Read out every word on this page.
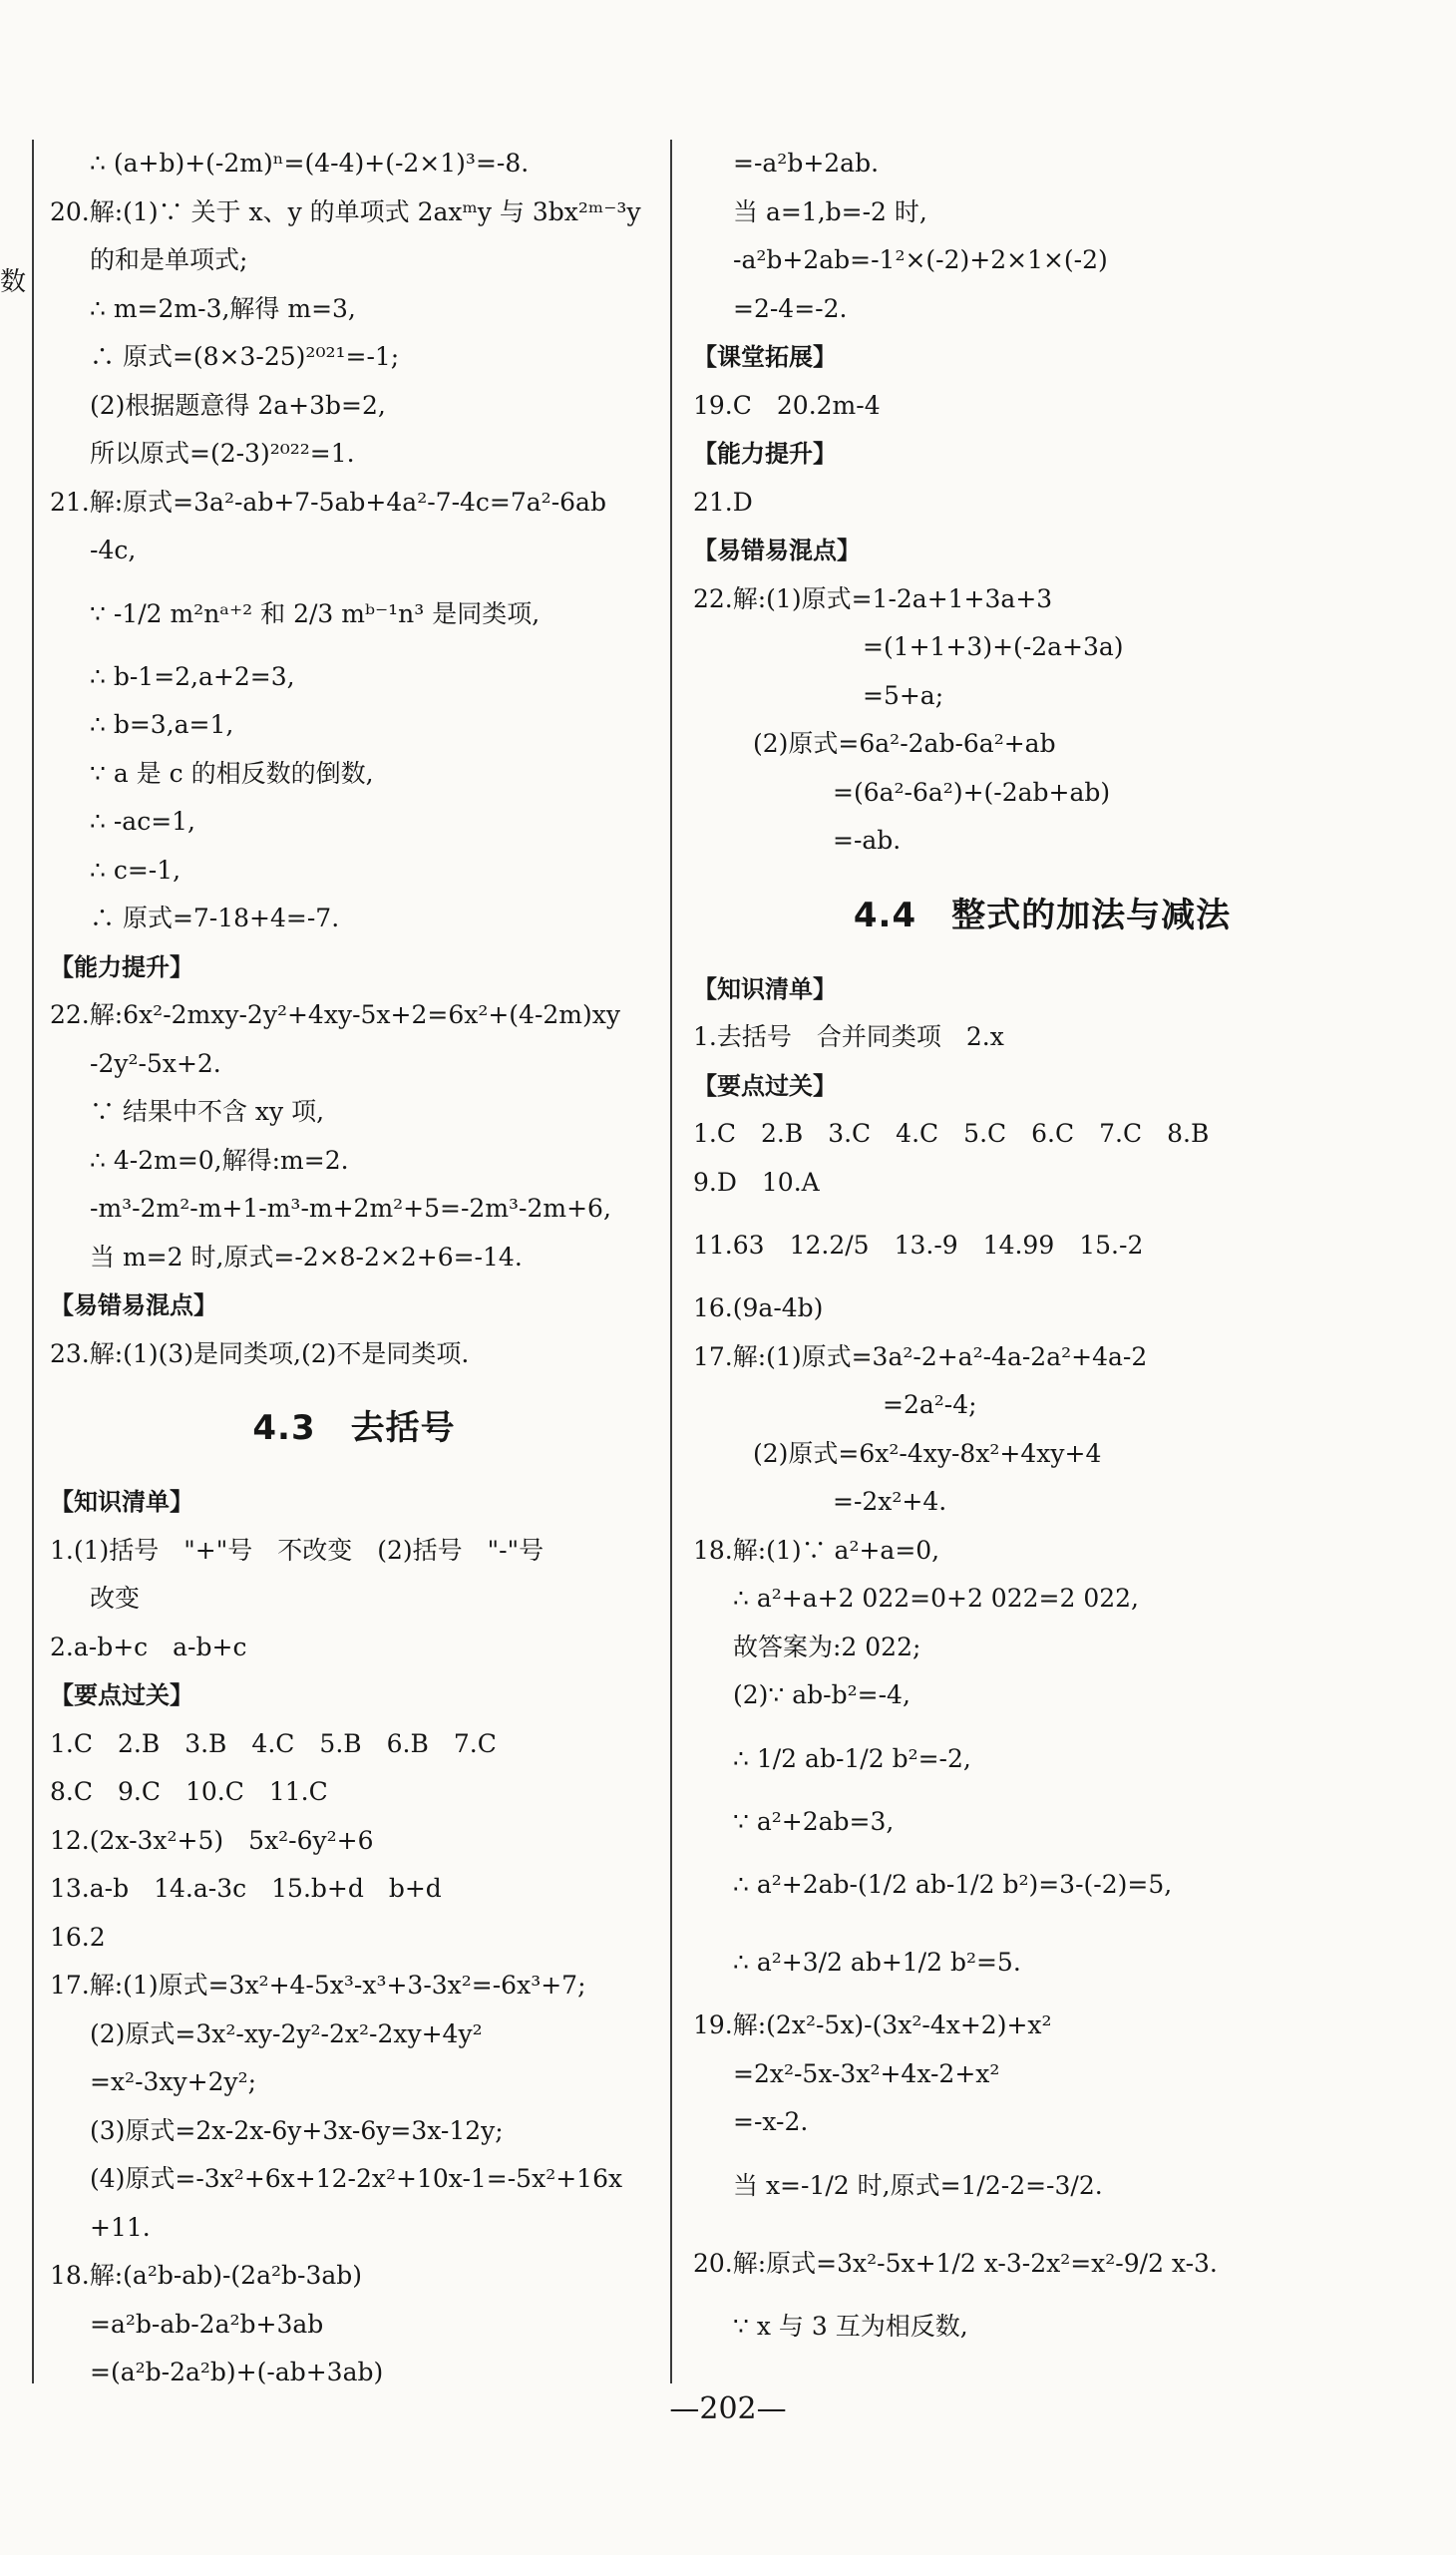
数
∴ (a+b)+(-2m)ⁿ=(4-4)+(-2×1)³=-8.
20.解:(1)∵ 关于 x、y 的单项式 2axᵐy 与 3bx²ᵐ⁻³y
的和是单项式;
∴ m=2m-3,解得 m=3,
∴ 原式=(8×3-25)²⁰²¹=-1;
(2)根据题意得 2a+3b=2,
所以原式=(2-3)²⁰²²=1.
21.解:原式=3a²-ab+7-5ab+4a²-7-4c=7a²-6ab
-4c,
∵ -1/2 m²nᵃ⁺² 和 2/3 mᵇ⁻¹n³ 是同类项,
∴ b-1=2,a+2=3,
∴ b=3,a=1,
∵ a 是 c 的相反数的倒数,
∴ -ac=1,
∴ c=-1,
∴ 原式=7-18+4=-7.
【能力提升】
22.解:6x²-2mxy-2y²+4xy-5x+2=6x²+(4-2m)xy
-2y²-5x+2.
∵ 结果中不含 xy 项,
∴ 4-2m=0,解得:m=2.
-m³-2m²-m+1-m³-m+2m²+5=-2m³-2m+6,
当 m=2 时,原式=-2×8-2×2+6=-14.
【易错易混点】
23.解:(1)(3)是同类项,(2)不是同类项.
4.3　去括号
【知识清单】
1.(1)括号　"+"号　不改变　(2)括号　"-"号
改变
2.a-b+c　a-b+c
【要点过关】
1.C　2.B　3.B　4.C　5.B　6.B　7.C
8.C　9.C　10.C　11.C
12.(2x-3x²+5)　5x²-6y²+6
13.a-b　14.a-3c　15.b+d　b+d
16.2
17.解:(1)原式=3x²+4-5x³-x³+3-3x²=-6x³+7;
(2)原式=3x²-xy-2y²-2x²-2xy+4y²
=x²-3xy+2y²;
(3)原式=2x-2x-6y+3x-6y=3x-12y;
(4)原式=-3x²+6x+12-2x²+10x-1=-5x²+16x
+11.
18.解:(a²b-ab)-(2a²b-3ab)
=a²b-ab-2a²b+3ab
=(a²b-2a²b)+(-ab+3ab)
=-a²b+2ab.
当 a=1,b=-2 时,
-a²b+2ab=-1²×(-2)+2×1×(-2)
=2-4=-2.
【课堂拓展】
19.C　20.2m-4
【能力提升】
21.D
【易错易混点】
22.解:(1)原式=1-2a+1+3a+3
=(1+1+3)+(-2a+3a)
=5+a;
(2)原式=6a²-2ab-6a²+ab
=(6a²-6a²)+(-2ab+ab)
=-ab.
4.4　整式的加法与减法
【知识清单】
1.去括号　合并同类项　2.x
【要点过关】
1.C　2.B　3.C　4.C　5.C　6.C　7.C　8.B
9.D　10.A
11.63　12.2/5　13.-9　14.99　15.-2
16.(9a-4b)
17.解:(1)原式=3a²-2+a²-4a-2a²+4a-2
=2a²-4;
(2)原式=6x²-4xy-8x²+4xy+4
=-2x²+4.
18.解:(1)∵ a²+a=0,
∴ a²+a+2 022=0+2 022=2 022,
故答案为:2 022;
(2)∵ ab-b²=-4,
∴ 1/2 ab-1/2 b²=-2,
∵ a²+2ab=3,
∴ a²+2ab-(1/2 ab-1/2 b²)=3-(-2)=5,
∴ a²+3/2 ab+1/2 b²=5.
19.解:(2x²-5x)-(3x²-4x+2)+x²
=2x²-5x-3x²+4x-2+x²
=-x-2.
当 x=-1/2 时,原式=1/2-2=-3/2.
20.解:原式=3x²-5x+1/2 x-3-2x²=x²-9/2 x-3.
∵ x 与 3 互为相反数,
—202—
